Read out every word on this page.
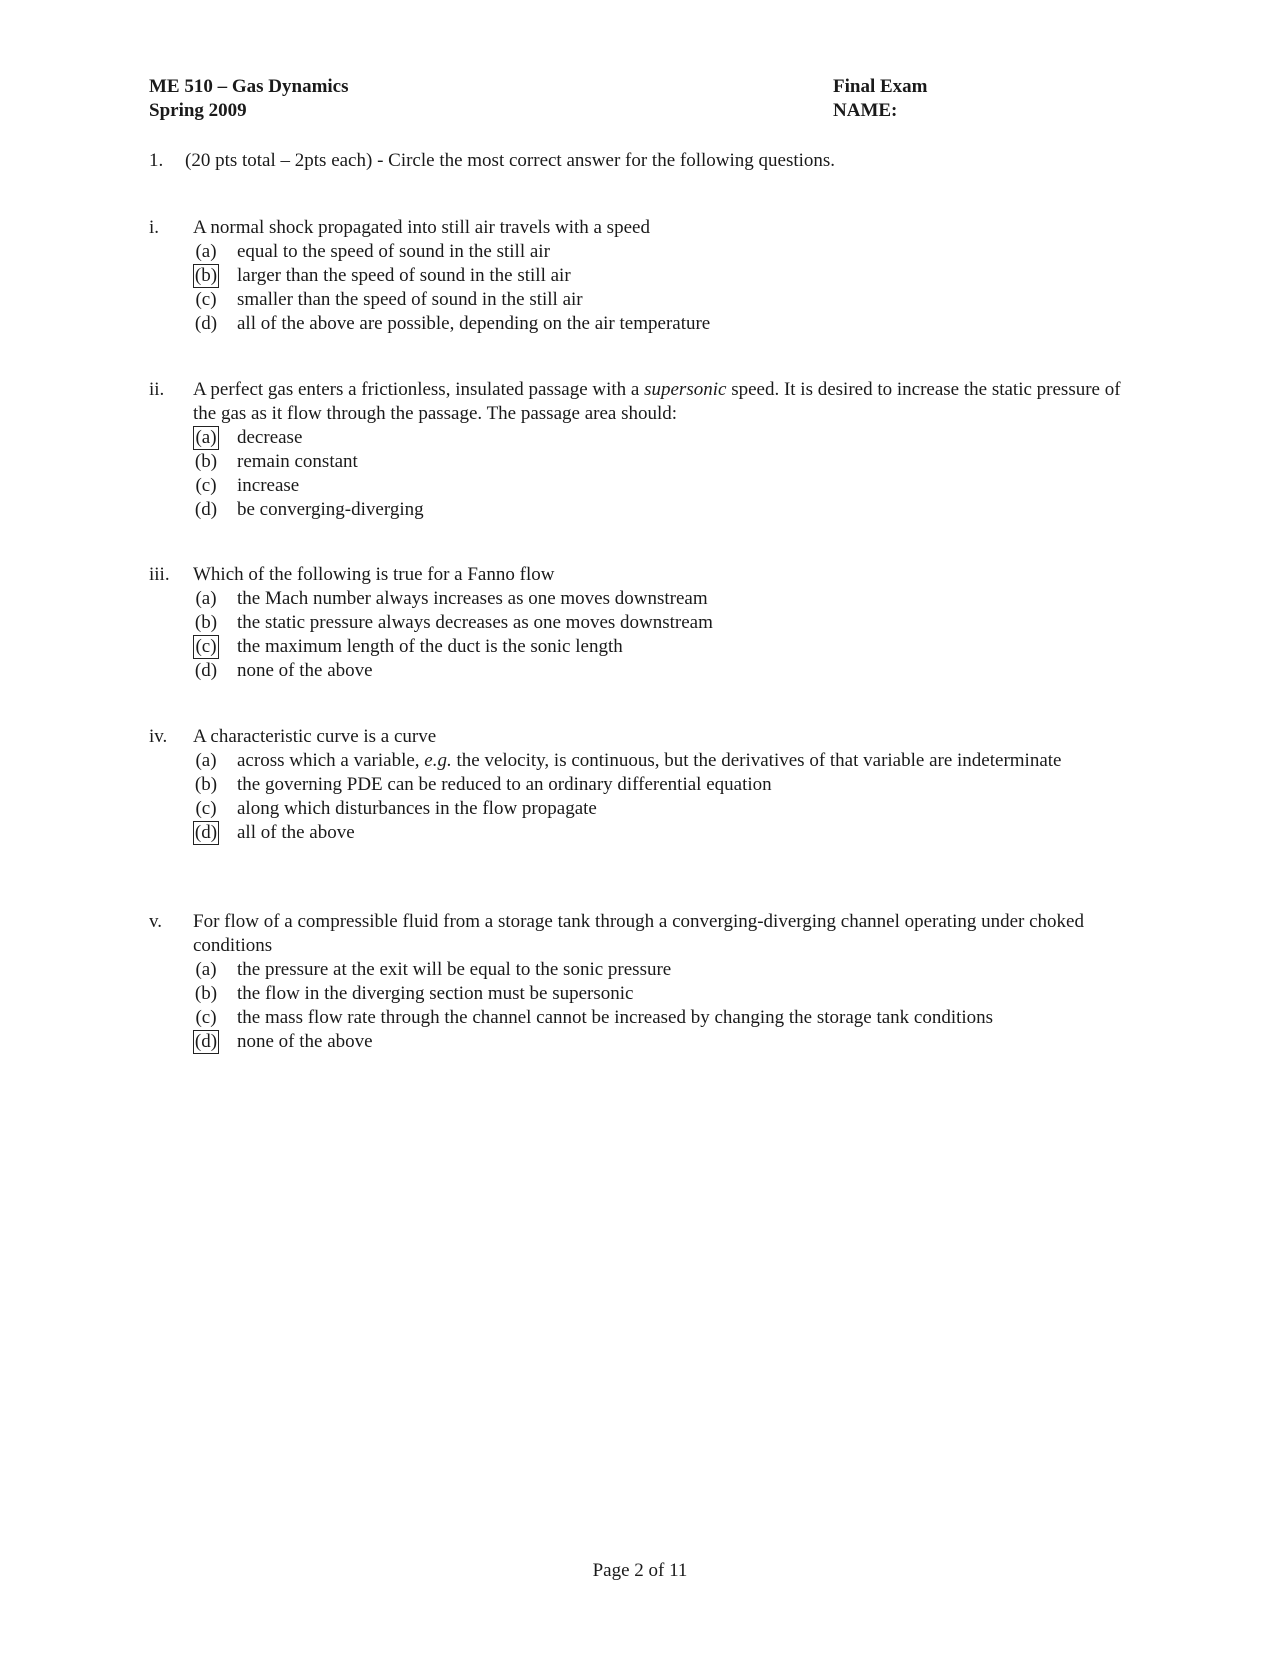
ME 510 – Gas Dynamics	Final Exam
Spring 2009	NAME:
1. (20 pts total – 2pts each) - Circle the most correct answer for the following questions.
i.	A normal shock propagated into still air travels with a speed
(a) equal to the speed of sound in the still air
(b) larger than the speed of sound in the still air
(c) smaller than the speed of sound in the still air
(d) all of the above are possible, depending on the air temperature
ii.	A perfect gas enters a frictionless, insulated passage with a supersonic speed. It is desired to increase the static pressure of the gas as it flow through the passage. The passage area should:
(a) decrease
(b) remain constant
(c) increase
(d) be converging-diverging
iii.	Which of the following is true for a Fanno flow
(a) the Mach number always increases as one moves downstream
(b) the static pressure always decreases as one moves downstream
(c) the maximum length of the duct is the sonic length
(d) none of the above
iv.	A characteristic curve is a curve
(a) across which a variable, e.g. the velocity, is continuous, but the derivatives of that variable are indeterminate
(b) the governing PDE can be reduced to an ordinary differential equation
(c) along which disturbances in the flow propagate
(d) all of the above
v.	For flow of a compressible fluid from a storage tank through a converging-diverging channel operating under choked conditions
(a) the pressure at the exit will be equal to the sonic pressure
(b) the flow in the diverging section must be supersonic
(c) the mass flow rate through the channel cannot be increased by changing the storage tank conditions
(d) none of the above
Page 2 of 11
